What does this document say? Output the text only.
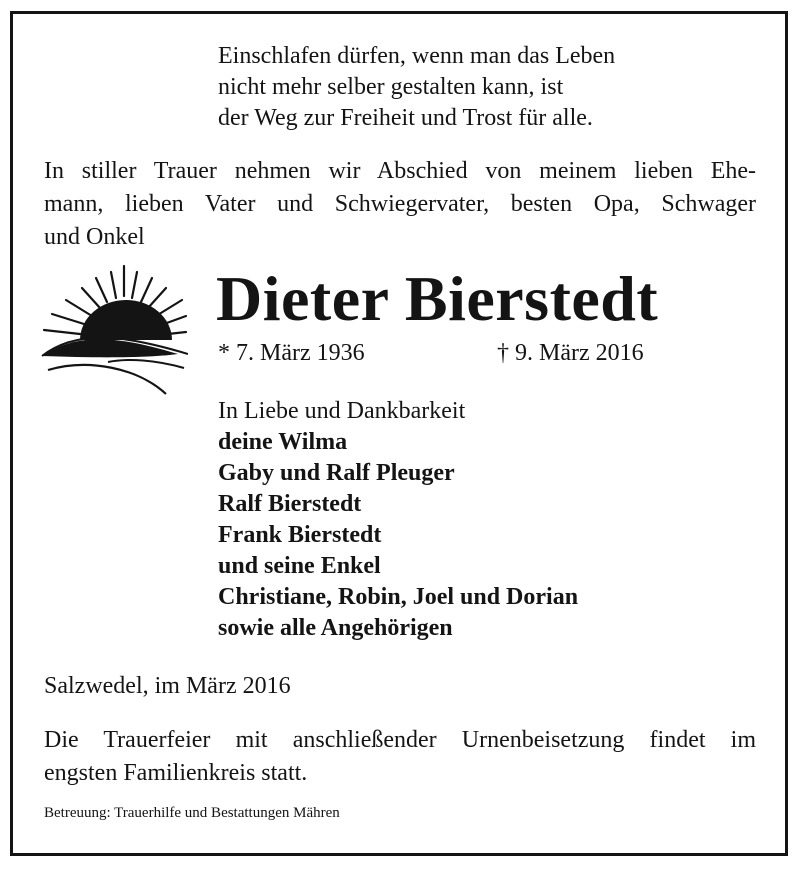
Einschlafen dürfen, wenn man das Leben
nicht mehr selber gestalten kann, ist
der Weg zur Freiheit und Trost für alle.
In stiller Trauer nehmen wir Abschied von meinem lieben Ehe-
mann, lieben Vater und Schwiegervater, besten Opa, Schwager
und Onkel
Dieter Bierstedt
* 7. März 1936	† 9. März 2016
In Liebe und Dankbarkeit
deine Wilma
Gaby und Ralf Pleuger
Ralf Bierstedt
Frank Bierstedt
und seine Enkel
Christiane, Robin, Joel und Dorian
sowie alle Angehörigen
Salzwedel, im März 2016
Die Trauerfeier mit anschließender Urnenbeisetzung findet im
engsten Familienkreis statt.
Betreuung: Trauerhilfe und Bestattungen Mähren
